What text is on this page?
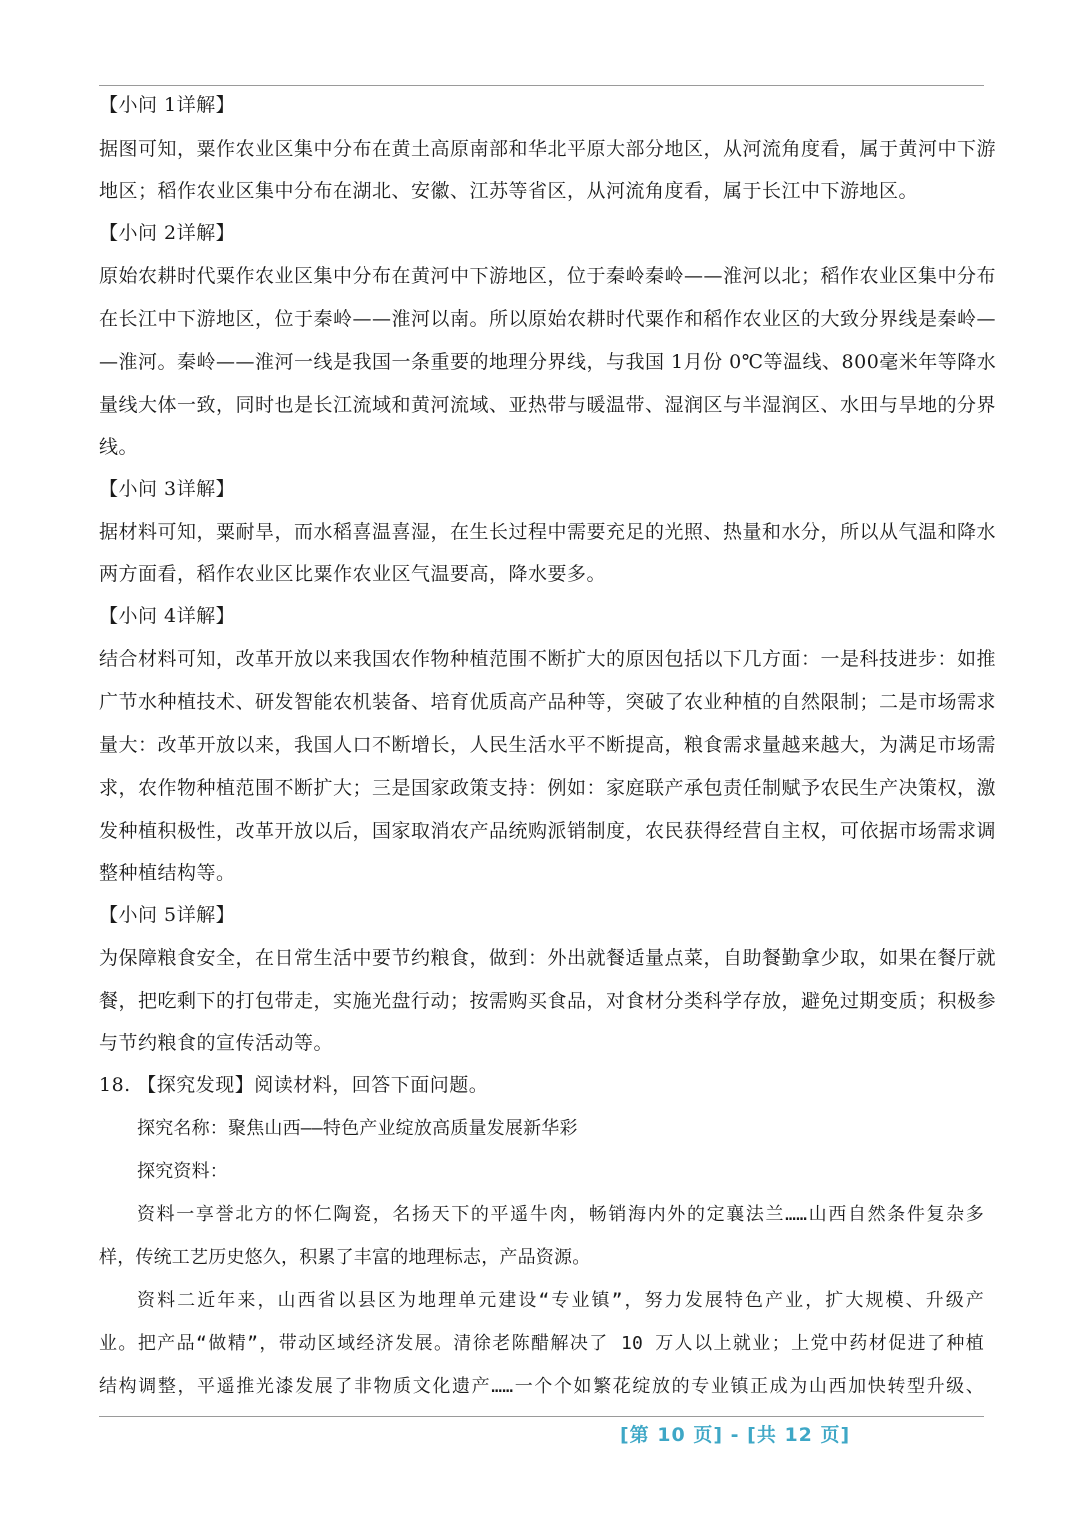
【小问 1详解】
据图可知，粟作农业区集中分布在黄土高原南部和华北平原大部分地区，从河流角度看，属于黄河中下游
地区；稻作农业区集中分布在湖北、安徽、江苏等省区，从河流角度看，属于长江中下游地区。
【小问 2详解】
原始农耕时代粟作农业区集中分布在黄河中下游地区，位于秦岭秦岭——淮河以北；稻作农业区集中分布
在长江中下游地区，位于秦岭——淮河以南。所以原始农耕时代粟作和稻作农业区的大致分界线是秦岭—
—淮河。秦岭——淮河一线是我国一条重要的地理分界线，与我国 1月份 0℃等温线、800毫米年等降水
量线大体一致，同时也是长江流域和黄河流域、亚热带与暖温带、湿润区与半湿润区、水田与旱地的分界
线。
【小问 3详解】
据材料可知，粟耐旱，而水稻喜温喜湿，在生长过程中需要充足的光照、热量和水分，所以从气温和降水
两方面看，稻作农业区比粟作农业区气温要高，降水要多。
【小问 4详解】
结合材料可知，改革开放以来我国农作物种植范围不断扩大的原因包括以下几方面：一是科技进步：如推
广节水种植技术、研发智能农机装备、培育优质高产品种等，突破了农业种植的自然限制；二是市场需求
量大：改革开放以来，我国人口不断增长，人民生活水平不断提高，粮食需求量越来越大，为满足市场需
求，农作物种植范围不断扩大；三是国家政策支持：例如：家庭联产承包责任制赋予农民生产决策权，激
发种植积极性，改革开放以后，国家取消农产品统购派销制度，农民获得经营自主权，可依据市场需求调
整种植结构等。
【小问 5详解】
为保障粮食安全，在日常生活中要节约粮食，做到：外出就餐适量点菜，自助餐勤拿少取，如果在餐厅就
餐，把吃剩下的打包带走，实施光盘行动；按需购买食品，对食材分类科学存放，避免过期变质；积极参
与节约粮食的宣传活动等。
18. 【探究发现】阅读材料，回答下面问题。
探究名称：聚焦山西——特色产业绽放高质量发展新华彩
探究资料：
资料一享誉北方的怀仁陶瓷，名扬天下的平遥牛肉，畅销海内外的定襄法兰……山西自然条件复杂多
样，传统工艺历史悠久，积累了丰富的地理标志，产品资源。
资料二近年来，山西省以县区为地理单元建设“专业镇”，努力发展特色产业，扩大规模、升级产
业。把产品“做精”，带动区域经济发展。清徐老陈醋解决了 10 万人以上就业；上党中药材促进了种植
结构调整，平遥推光漆发展了非物质文化遗产……一个个如繁花绽放的专业镇正成为山西加快转型升级、
[第 10 页] - [共 12 页]
